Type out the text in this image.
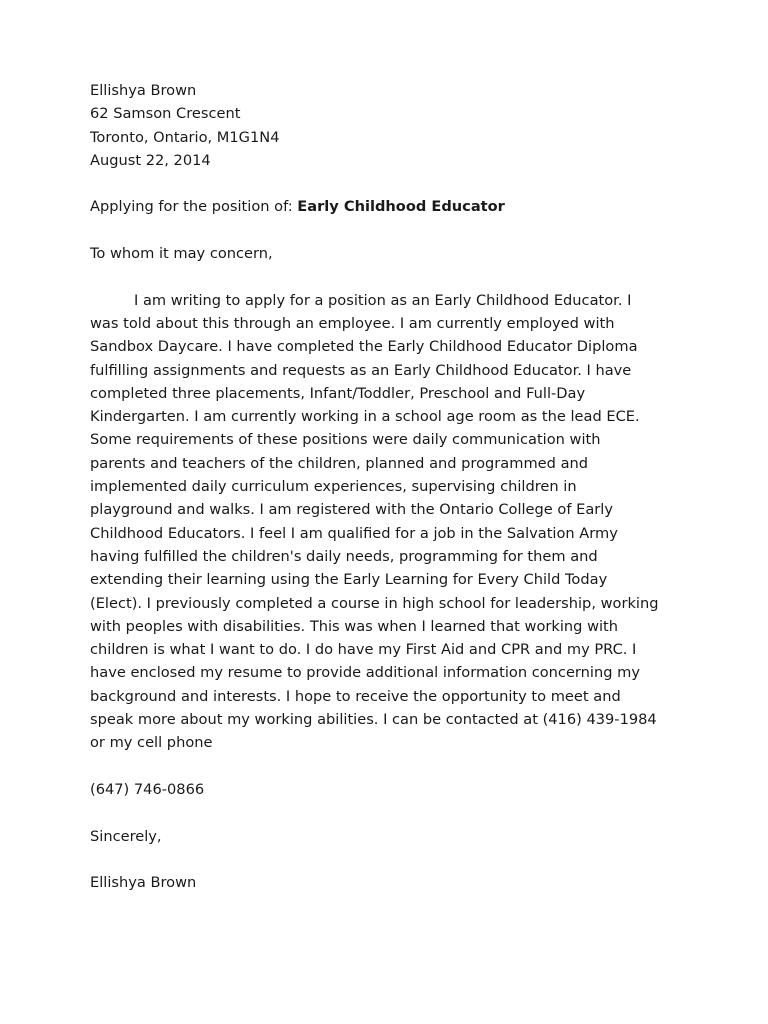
Ellishya Brown

62 Samson Crescent

Toronto, Ontario, M1G1N4

August 22, 2014

Applying for the position of: Early Childhood Educator

To whom it may concern,

I am writing to apply for a position as an Early Childhood Educator. I
was told about this through an employee. I am currently employed with
Sandbox Daycare. I have completed the Early Childhood Educator Diploma
fulfilling assignments and requests as an Early Childhood Educator. I have
completed three placements, Infant/Toddler, Preschool and Full-Day
Kindergarten. I am currently working in a school age room as the lead ECE.
Some requirements of these positions were daily communication with
parents and teachers of the children, planned and programmed and
implemented daily curriculum experiences, supervising children in
playground and walks. I am registered with the Ontario College of Early
Childhood Educators. I feel I am qualified for a job in the Salvation Army
having fulfilled the children's daily needs, programming for them and
extending their learning using the Early Learning for Every Child Today
(Elect). I previously completed a course in high school for leadership, working
with peoples with disabilities. This was when I learned that working with
children is what I want to do. I do have my First Aid and CPR and my PRC. I
have enclosed my resume to provide additional information concerning my
background and interests. I hope to receive the opportunity to meet and
speak more about my working abilities. I can be contacted at (416) 439-1984
or my cell phone

(647) 746-0866

Sincerely,

Ellishya Brown
